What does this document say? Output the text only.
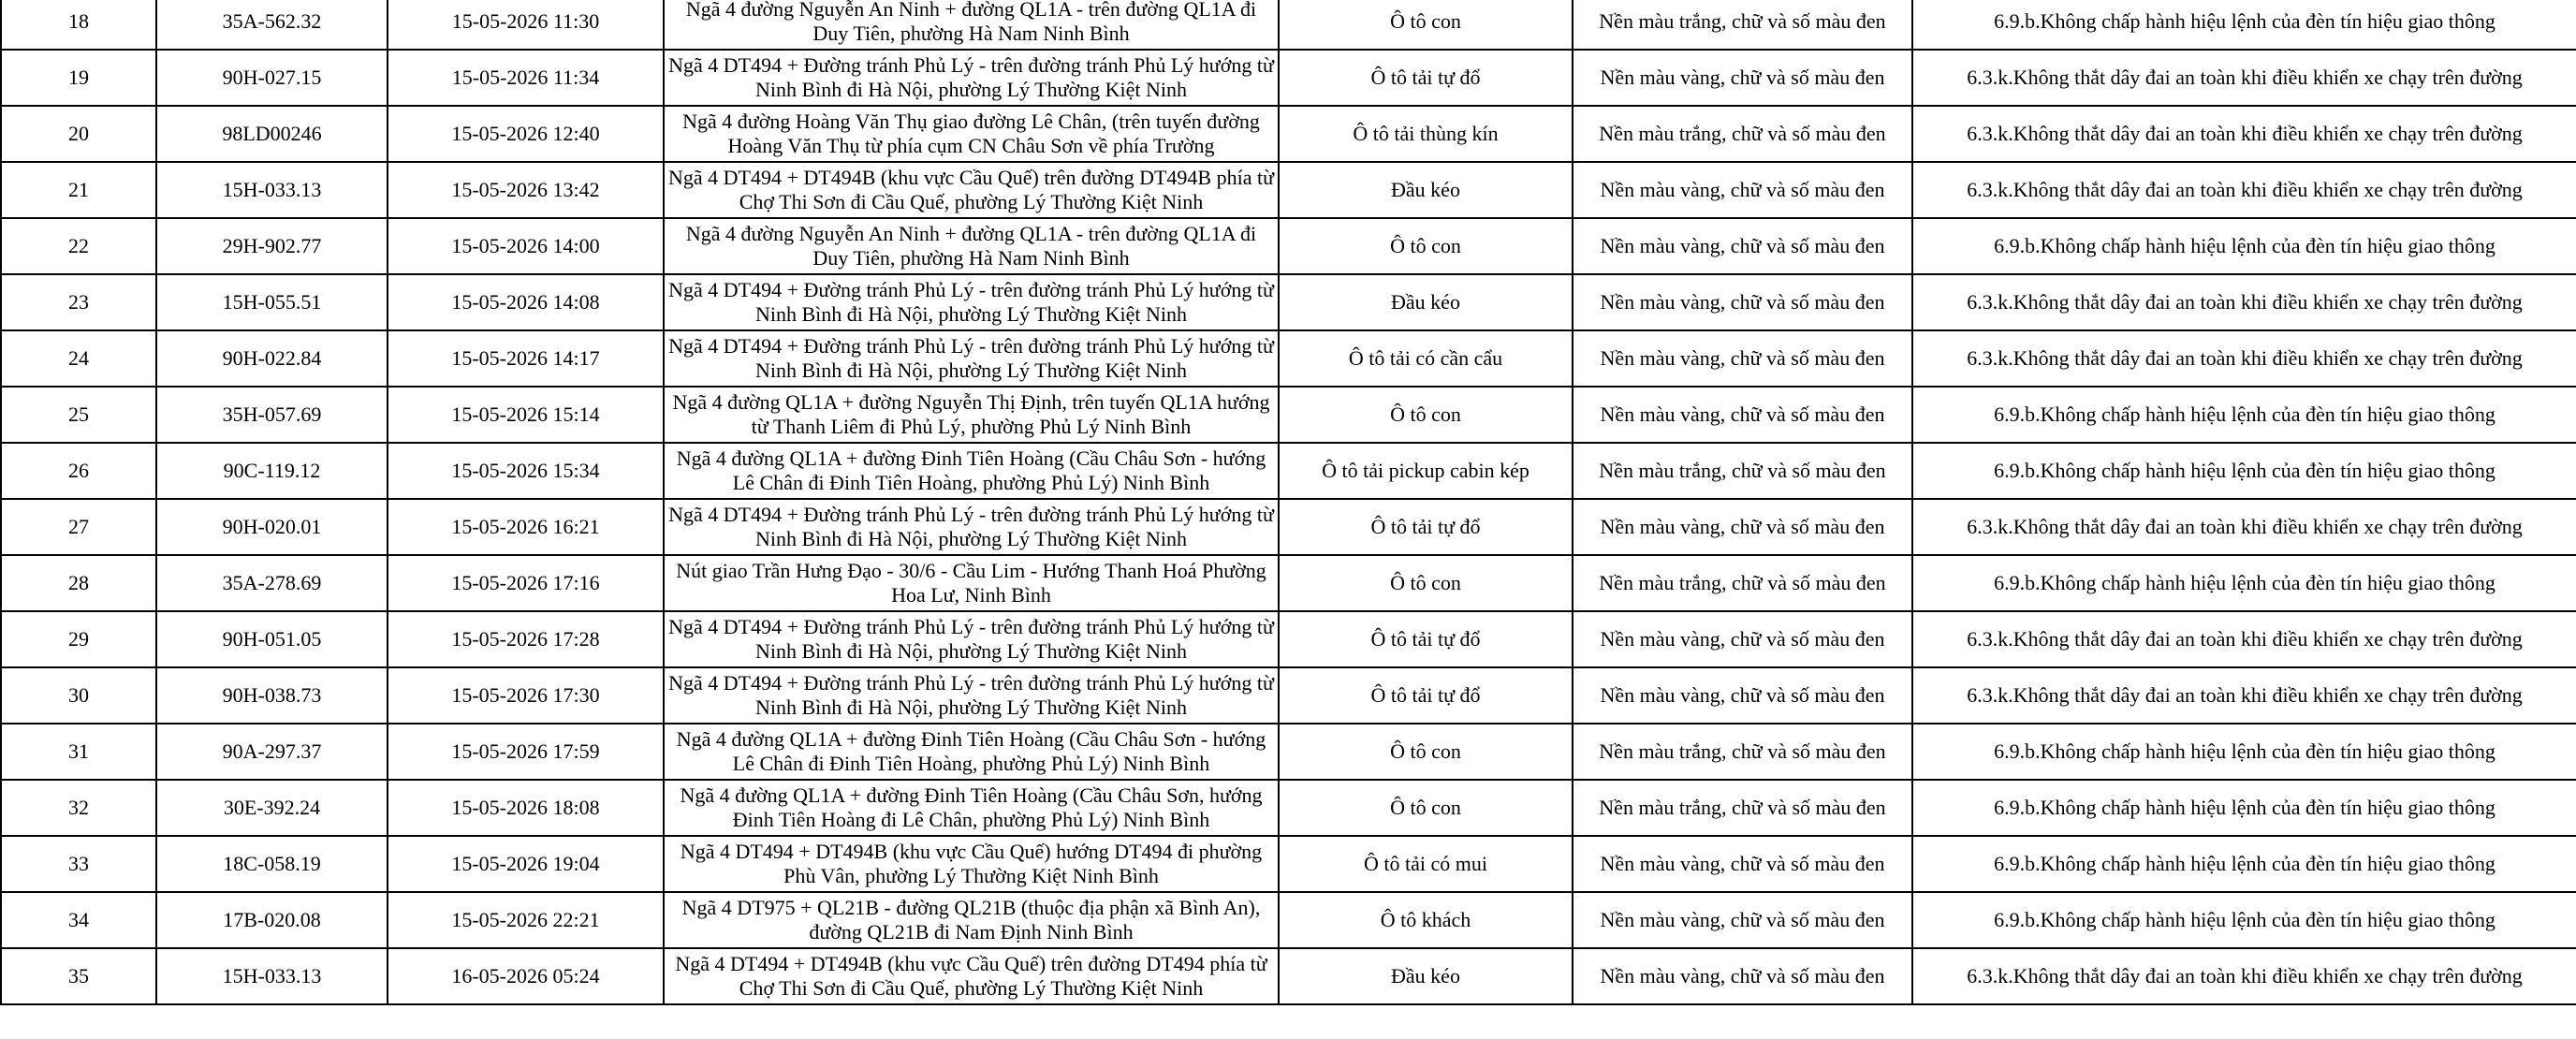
18	35A-562.32	15-05-2026 11:30	Ngã 4 đường Nguyễn An Ninh + đường QL1A - trên đường QL1A đi Duy Tiên, phường Hà Nam Ninh Bình	Ô tô con	Nền màu trắng, chữ và số màu đen	6.9.b.Không chấp hành hiệu lệnh của đèn tín hiệu giao thông
19	90H-027.15	15-05-2026 11:34	Ngã 4 DT494 + Đường tránh Phủ Lý - trên đường tránh Phủ Lý hướng từ Ninh Bình đi Hà Nội, phường Lý Thường Kiệt Ninh	Ô tô tải tự đổ	Nền màu vàng, chữ và số màu đen	6.3.k.Không thắt dây đai an toàn khi điều khiển xe chạy trên đường
20	98LD00246	15-05-2026 12:40	Ngã 4 đường Hoàng Văn Thụ giao đường Lê Chân, (trên tuyến đường Hoàng Văn Thụ từ phía cụm CN Châu Sơn về phía Trường	Ô tô tải thùng kín	Nền màu trắng, chữ và số màu đen	6.3.k.Không thắt dây đai an toàn khi điều khiển xe chạy trên đường
21	15H-033.13	15-05-2026 13:42	Ngã 4 DT494 + DT494B (khu vực Cầu Quế) trên đường DT494B phía từ Chợ Thi Sơn đi Cầu Quế, phường Lý Thường Kiệt Ninh	Đầu kéo	Nền màu vàng, chữ và số màu đen	6.3.k.Không thắt dây đai an toàn khi điều khiển xe chạy trên đường
22	29H-902.77	15-05-2026 14:00	Ngã 4 đường Nguyễn An Ninh + đường QL1A - trên đường QL1A đi Duy Tiên, phường Hà Nam Ninh Bình	Ô tô con	Nền màu vàng, chữ và số màu đen	6.9.b.Không chấp hành hiệu lệnh của đèn tín hiệu giao thông
23	15H-055.51	15-05-2026 14:08	Ngã 4 DT494 + Đường tránh Phủ Lý - trên đường tránh Phủ Lý hướng từ Ninh Bình đi Hà Nội, phường Lý Thường Kiệt Ninh	Đầu kéo	Nền màu vàng, chữ và số màu đen	6.3.k.Không thắt dây đai an toàn khi điều khiển xe chạy trên đường
24	90H-022.84	15-05-2026 14:17	Ngã 4 DT494 + Đường tránh Phủ Lý - trên đường tránh Phủ Lý hướng từ Ninh Bình đi Hà Nội, phường Lý Thường Kiệt Ninh	Ô tô tải có cần cẩu	Nền màu vàng, chữ và số màu đen	6.3.k.Không thắt dây đai an toàn khi điều khiển xe chạy trên đường
25	35H-057.69	15-05-2026 15:14	Ngã 4 đường QL1A + đường Nguyễn Thị Định, trên tuyến QL1A hướng từ Thanh Liêm đi Phủ Lý, phường Phủ Lý Ninh Bình	Ô tô con	Nền màu vàng, chữ và số màu đen	6.9.b.Không chấp hành hiệu lệnh của đèn tín hiệu giao thông
26	90C-119.12	15-05-2026 15:34	Ngã 4 đường QL1A + đường Đinh Tiên Hoàng (Cầu Châu Sơn - hướng Lê Chân đi Đinh Tiên Hoàng, phường Phủ Lý) Ninh Bình	Ô tô tải pickup cabin kép	Nền màu trắng, chữ và số màu đen	6.9.b.Không chấp hành hiệu lệnh của đèn tín hiệu giao thông
27	90H-020.01	15-05-2026 16:21	Ngã 4 DT494 + Đường tránh Phủ Lý - trên đường tránh Phủ Lý hướng từ Ninh Bình đi Hà Nội, phường Lý Thường Kiệt Ninh	Ô tô tải tự đổ	Nền màu vàng, chữ và số màu đen	6.3.k.Không thắt dây đai an toàn khi điều khiển xe chạy trên đường
28	35A-278.69	15-05-2026 17:16	Nút giao Trần Hưng Đạo - 30/6 - Cầu Lim - Hướng Thanh Hoá Phường Hoa Lư, Ninh Bình	Ô tô con	Nền màu trắng, chữ và số màu đen	6.9.b.Không chấp hành hiệu lệnh của đèn tín hiệu giao thông
29	90H-051.05	15-05-2026 17:28	Ngã 4 DT494 + Đường tránh Phủ Lý - trên đường tránh Phủ Lý hướng từ Ninh Bình đi Hà Nội, phường Lý Thường Kiệt Ninh	Ô tô tải tự đổ	Nền màu vàng, chữ và số màu đen	6.3.k.Không thắt dây đai an toàn khi điều khiển xe chạy trên đường
30	90H-038.73	15-05-2026 17:30	Ngã 4 DT494 + Đường tránh Phủ Lý - trên đường tránh Phủ Lý hướng từ Ninh Bình đi Hà Nội, phường Lý Thường Kiệt Ninh	Ô tô tải tự đổ	Nền màu vàng, chữ và số màu đen	6.3.k.Không thắt dây đai an toàn khi điều khiển xe chạy trên đường
31	90A-297.37	15-05-2026 17:59	Ngã 4 đường QL1A + đường Đinh Tiên Hoàng (Cầu Châu Sơn - hướng Lê Chân đi Đinh Tiên Hoàng, phường Phủ Lý) Ninh Bình	Ô tô con	Nền màu trắng, chữ và số màu đen	6.9.b.Không chấp hành hiệu lệnh của đèn tín hiệu giao thông
32	30E-392.24	15-05-2026 18:08	Ngã 4 đường QL1A + đường Đinh Tiên Hoàng (Cầu Châu Sơn, hướng Đinh Tiên Hoàng đi Lê Chân, phường Phủ Lý) Ninh Bình	Ô tô con	Nền màu trắng, chữ và số màu đen	6.9.b.Không chấp hành hiệu lệnh của đèn tín hiệu giao thông
33	18C-058.19	15-05-2026 19:04	Ngã 4 DT494 + DT494B (khu vực Cầu Quế) hướng DT494 đi phường Phù Vân, phường Lý Thường Kiệt Ninh Bình	Ô tô tải có mui	Nền màu vàng, chữ và số màu đen	6.9.b.Không chấp hành hiệu lệnh của đèn tín hiệu giao thông
34	17B-020.08	15-05-2026 22:21	Ngã 4 DT975 + QL21B - đường QL21B (thuộc địa phận xã Bình An), đường QL21B đi Nam Định Ninh Bình	Ô tô khách	Nền màu vàng, chữ và số màu đen	6.9.b.Không chấp hành hiệu lệnh của đèn tín hiệu giao thông
35	15H-033.13	16-05-2026 05:24	Ngã 4 DT494 + DT494B (khu vực Cầu Quế) trên đường DT494 phía từ Chợ Thi Sơn đi Cầu Quế, phường Lý Thường Kiệt Ninh	Đầu kéo	Nền màu vàng, chữ và số màu đen	6.3.k.Không thắt dây đai an toàn khi điều khiển xe chạy trên đường
